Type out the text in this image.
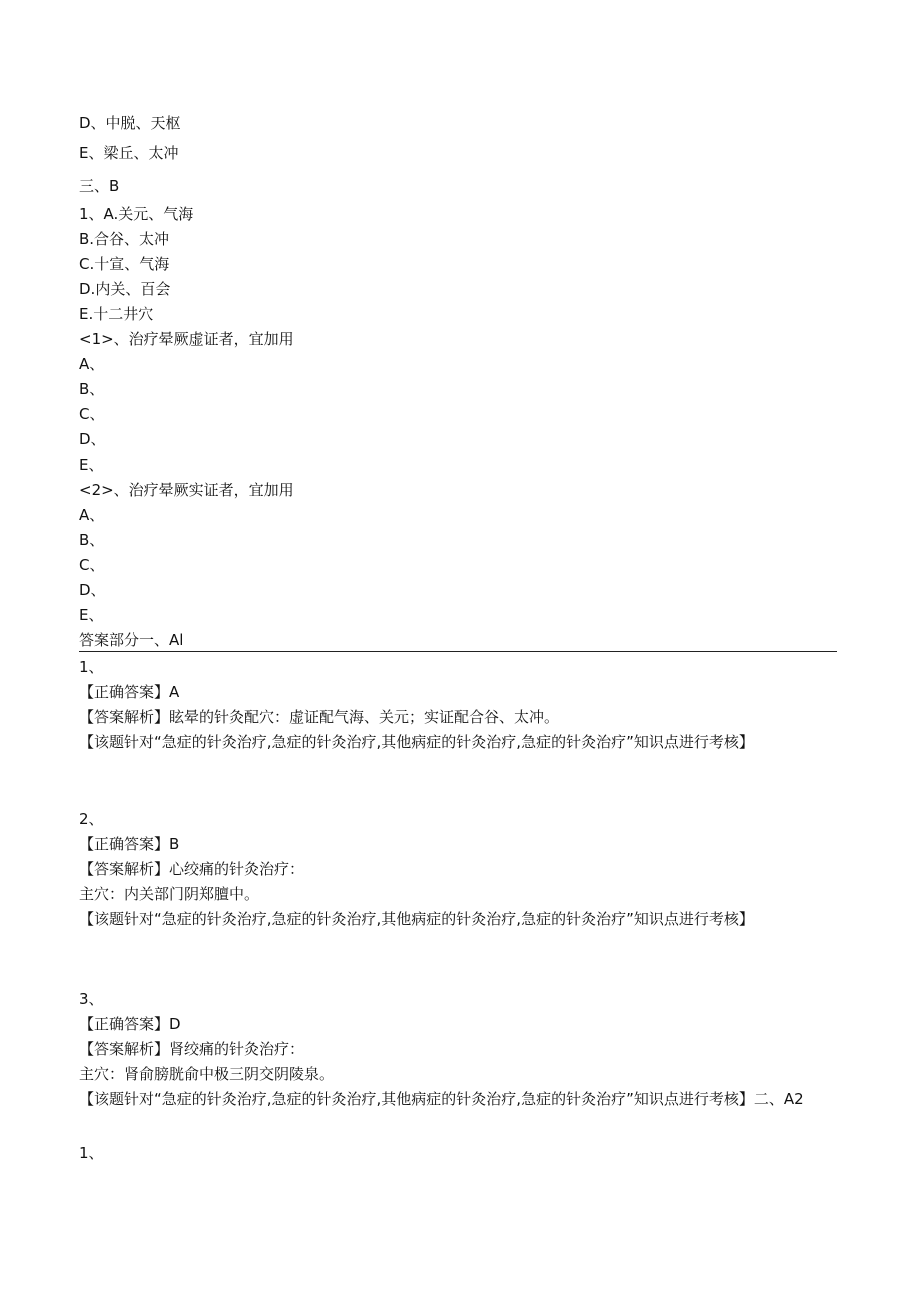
D、中脱、天枢
E、梁丘、太冲
三、B
1、A.关元、气海
B.合谷、太冲
C.十宣、气海
D.内关、百会
E.十二井穴
<1>、治疗晕厥虚证者，宜加用
A、
B、
C、
D、
E、
<2>、治疗晕厥实证者，宜加用
A、
B、
C、
D、
E、
答案部分一、Al
1、
【正确答案】A
【答案解析】眩晕的针灸配穴：虚证配气海、关元；实证配合谷、太冲。
【该题针对“急症的针灸治疗,急症的针灸治疗,其他病症的针灸治疗,急症的针灸治疗”知识点进行考核】
2、
【正确答案】B
【答案解析】心绞痛的针灸治疗：
主穴：内关部门阴郑膻中。
【该题针对“急症的针灸治疗,急症的针灸治疗,其他病症的针灸治疗,急症的针灸治疗”知识点进行考核】
3、
【正确答案】D
【答案解析】肾绞痛的针灸治疗：
主穴：肾俞膀胱俞中极三阴交阴陵泉。
【该题针对“急症的针灸治疗,急症的针灸治疗,其他病症的针灸治疗,急症的针灸治疗”知识点进行考核】二、A2
1、
